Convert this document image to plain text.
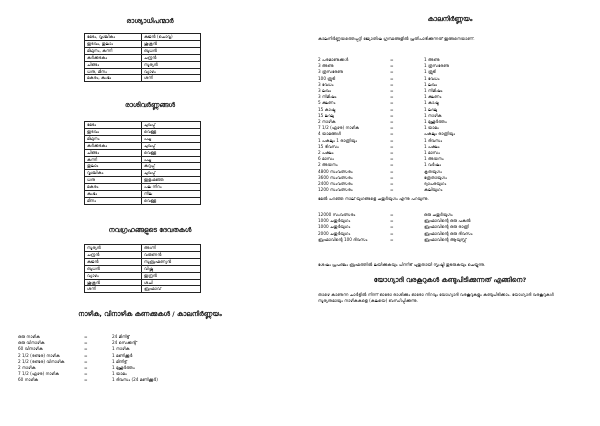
രാശ്യാധിപന്മാർ
മേടം, വൃശ്ചികം	കുജൻ (ചൊവ്വ)
ഇടവം, തുലാം	ശുക്രൻ
മിഥുനം, കന്നി	ബുധൻ
കർക്കടകം	ചന്ദ്രൻ
ചിങ്ങം	സൂര്യൻ
ധനു, മീനം	വ്യാഴം
മകരം, കുംഭം	ശനി
രാശിവർണ്ണങ്ങൾ
മേടം	ചുവപ്പ്
ഇടവം	വെള്ള
മിഥുനം	പച്ച
കർക്കടകം	ചുവപ്പ്
ചിങ്ങം	വെള്ള
കന്നി	പച്ച
തുലാം	കറുപ്പ്
വൃശ്ചികം	ചുവപ്പ്
ധനു	ഇളംമഞ്ഞ
മകരം	പല നിറം
കുംഭം	നീല
മീനം	വെള്ള
നവഗ്രഹങ്ങളുടെ ദേവതകൾ
സൂര്യൻ	അഗ്നി
ചന്ദ്രൻ	വരുണൻ
കുജൻ	സുബ്രഹ്മണ്യൻ
ബുധൻ	വിഷ്ണു
വ്യാഴം	ഇന്ദ്രൻ
ശുക്രൻ	ശചി
ശനി	ബ്രഹ്മാവ്
നാഴിക, വിനാഴിക കണക്കുകൾ / കാലനിർണ്ണയം
ഒരു നാഴിക	=	24 മിനിട്ട്
ഒരു വിനാഴിക	=	24 സെക്കന്റ്
60 വിനാഴിക	=	1 നാഴിക
2 1/2 (രണ്ടര) നാഴിക	=	1 മണിക്കൂർ
2 1/2 (രണ്ടര) വിനാഴിക	=	1 മിനിട്ട്
2 നാഴിക	=	1 മുഹൂർത്തം
7 1/2 (ഏഴര) നാഴിക	=	1 യാമം
60 നാഴിക	=	1 ദിവസം (24 മണിക്കൂർ)
കാലനിർണ്ണയം

കാലനിർണ്ണയത്തെപ്പറ്റി ജ്യോതിഷ ഗ്രന്ഥങ്ങളിൽ പ്രതിപാദിക്കുന്നത് ഇങ്ങനെയാണ്.

2 പരമാണുക്കൾ	=	1 അണു
3 അണു	=	1 ത്രസരേണു
3 ത്രസരേണു	=	1 ത്രുടി
100 ത്രുടി	=	1 വേധം
3 വേധം	=	1 ലവം
3 ലവം	=	1 നിമിഷം
3 നിമിഷം	=	1 ക്ഷണം
5 ക്ഷണം	=	1 കാഷ്ഠ
15 കാഷ്ഠ	=	1 ലഘു
15 ലഘു	=	1 നാഴിക
2 നാഴിക	=	1 മുഹൂർത്തം
7 1/2 (ഏഴര) നാഴിക	=	1 യാമം
4 യാമങ്ങൾ	=	പകലും രാത്രിയും
1 പകലും 1 രാത്രിയും	=	1 ദിവസം
15 ദിവസം	=	1 പക്ഷം
2 പക്ഷം	=	1 മാസം
6 മാസം	=	1 അയനം
2 അയനം	=	1 വർഷം
4800 സംവത്സരം	=	കൃതയുഗം
3600 സംവത്സരം	=	ത്രേതായുഗം
2400 സംവത്സരം	=	ദ്വാപരയുഗം
1200 സംവത്സരം	=	കലിയുഗം

മേൽ പറഞ്ഞ നാല് യുഗങ്ങളെ ചതുർയുഗം എന്നു പറയുന്നു.

12000 സംവത്സരം	=	ഒരു ചതുർയുഗം
1000 ചതുർയുഗം	=	ബ്രഹ്മാവിന്റെ ഒരു പകൽ
1000 ചതുർയുഗം	=	ബ്രഹ്മാവിന്റെ ഒരു രാത്രി
2000 ചതുർയുഗം	=	ബ്രഹ്മാവിന്റെ ഒരു ദിവസം
ബ്രഹ്മാവിന്റെ 100 ദിവസം	=	ബ്രഹ്മാവിന്റെ ആയുസ്സ്

ശേഷം പ്രപഞ്ചം ബ്രഹ്മത്തിൽ ലയിക്കുകയും പിന്നീട് പുതുതായി സൃഷ്ടി തുടരുകയും ചെയ്യുന്നു.

യോഗ്യാദി വരകൂറുകൾ കണ്ടുപിടിക്കുന്നത് എങ്ങിനെ?

താഴെ കാണുന്ന ചാർട്ടിൽ നിന്ന് ഓരോ രാശിക്കും ഓരോ നിറവും യോഗ്യാദി വരകൂറുകളും കണ്ടുപിടിക്കാം. യോഗ്യാദി വരകൂറുകൾ സൂര്യനുമായും നാഴികകളെ (കലയെ) ബന്ധിപ്പിക്കുന്നു.
